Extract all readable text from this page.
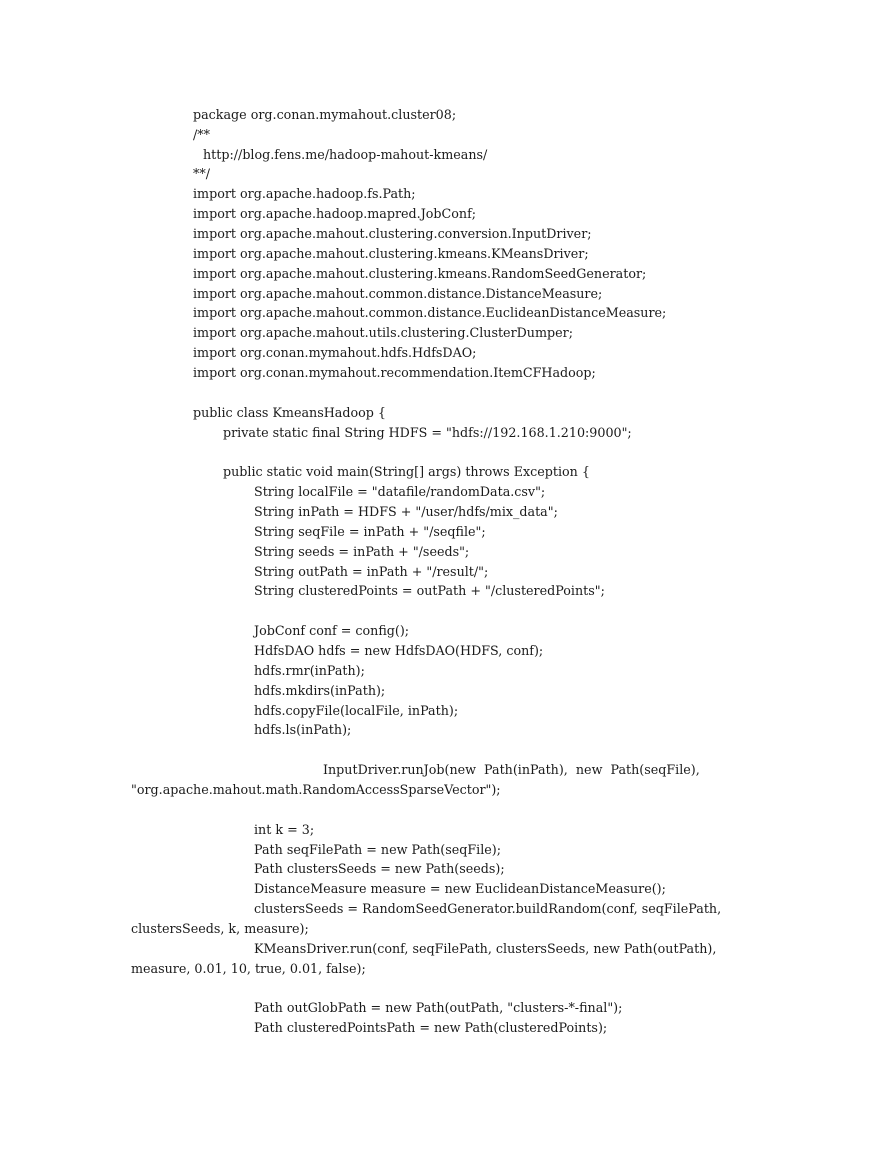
package org.conan.mymahout.cluster08;
/**
http://blog.fens.me/hadoop-mahout-kmeans/
**/
import org.apache.hadoop.fs.Path;
import org.apache.hadoop.mapred.JobConf;
import org.apache.mahout.clustering.conversion.InputDriver;
import org.apache.mahout.clustering.kmeans.KMeansDriver;
import org.apache.mahout.clustering.kmeans.RandomSeedGenerator;
import org.apache.mahout.common.distance.DistanceMeasure;
import org.apache.mahout.common.distance.EuclideanDistanceMeasure;
import org.apache.mahout.utils.clustering.ClusterDumper;
import org.conan.mymahout.hdfs.HdfsDAO;
import org.conan.mymahout.recommendation.ItemCFHadoop;
public class KmeansHadoop {
private static final String HDFS = "hdfs://192.168.1.210:9000";
public static void main(String[] args) throws Exception {
String localFile = "datafile/randomData.csv";
String inPath = HDFS + "/user/hdfs/mix_data";
String seqFile = inPath + "/seqfile";
String seeds = inPath + "/seeds";
String outPath = inPath + "/result/";
String clusteredPoints = outPath + "/clusteredPoints";
JobConf conf = config();
HdfsDAO hdfs = new HdfsDAO(HDFS, conf);
hdfs.rmr(inPath);
hdfs.mkdirs(inPath);
hdfs.copyFile(localFile, inPath);
hdfs.ls(inPath);
InputDriver.runJob(new  Path(inPath),  new  Path(seqFile),
"org.apache.mahout.math.RandomAccessSparseVector");
int k = 3;
Path seqFilePath = new Path(seqFile);
Path clustersSeeds = new Path(seeds);
DistanceMeasure measure = new EuclideanDistanceMeasure();
clustersSeeds = RandomSeedGenerator.buildRandom(conf, seqFilePath,
clustersSeeds, k, measure);
KMeansDriver.run(conf, seqFilePath, clustersSeeds, new Path(outPath),
measure, 0.01, 10, true, 0.01, false);
Path outGlobPath = new Path(outPath, "clusters-*-final");
Path clusteredPointsPath = new Path(clusteredPoints);
